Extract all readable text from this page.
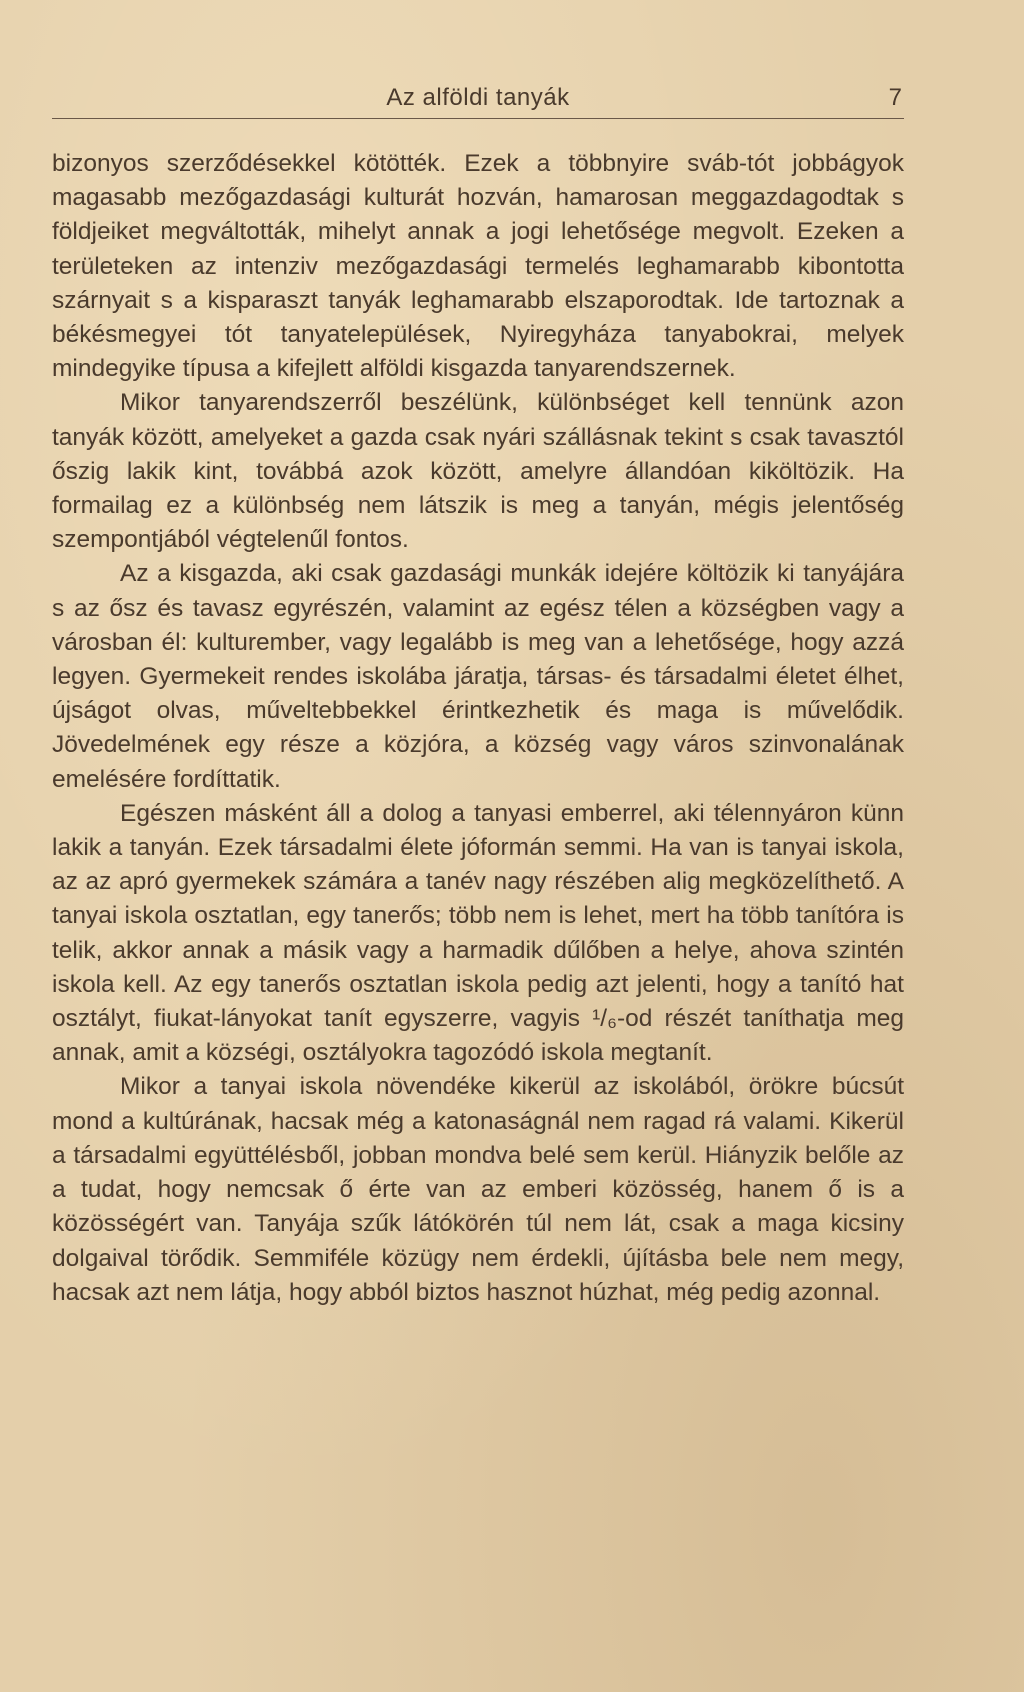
Az alföldi tanyák	7

bizonyos szerződésekkel kötötték. Ezek a többnyire sváb-tót jobbágyok magasabb mezőgazdasági kulturát hozván, hamarosan meggazdagodtak s földjeiket megváltották, mihelyt annak a jogi lehetősége megvolt. Ezeken a területeken az intenziv mezőgazdasági termelés leghamarabb kibontotta szárnyait s a kisparaszt tanyák leghamarabb elszaporodtak. Ide tartoznak a békésmegyei tót tanyatelepülések, Nyiregyháza tanyabokrai, melyek mindegyike típusa a kifejlett alföldi kisgazda tanyarendszernek.

Mikor tanyarendszerről beszélünk, különbséget kell tennünk azon tanyák között, amelyeket a gazda csak nyári szállásnak tekint s csak tavasztól őszig lakik kint, továbbá azok között, amelyre állandóan kiköltözik. Ha formailag ez a különbség nem látszik is meg a tanyán, mégis jelentőség szempontjából végtelenűl fontos.

Az a kisgazda, aki csak gazdasági munkák idejére költözik ki tanyájára s az ősz és tavasz egyrészén, valamint az egész télen a községben vagy a városban él: kulturember, vagy legalább is meg van a lehetősége, hogy azzá legyen. Gyermekeit rendes iskolába járatja, társas- és társadalmi életet élhet, újságot olvas, műveltebbekkel érintkezhetik és maga is művelődik. Jövedelmének egy része a közjóra, a község vagy város szinvonalának emelésére fordíttatik.

Egészen másként áll a dolog a tanyasi emberrel, aki télennyáron künn lakik a tanyán. Ezek társadalmi élete jóformán semmi. Ha van is tanyai iskola, az az apró gyermekek számára a tanév nagy részében alig megközelíthető. A tanyai iskola osztatlan, egy tanerős; több nem is lehet, mert ha több tanítóra is telik, akkor annak a másik vagy a harmadik dűlőben a helye, ahova szintén iskola kell. Az egy tanerős osztatlan iskola pedig azt jelenti, hogy a tanító hat osztályt, fiukat-lányokat tanít egyszerre, vagyis ¹/₆-od részét taníthatja meg annak, amit a községi, osztályokra tagozódó iskola megtanít.

Mikor a tanyai iskola növendéke kikerül az iskolából, örökre búcsút mond a kultúrának, hacsak még a katonaságnál nem ragad rá valami. Kikerül a társadalmi együttélésből, jobban mondva belé sem kerül. Hiányzik belőle az a tudat, hogy nemcsak ő érte van az emberi közösség, hanem ő is a közösségért van. Tanyája szűk látókörén túl nem lát, csak a maga kicsiny dolgaival törődik. Semmiféle közügy nem érdekli, újításba bele nem megy, hacsak azt nem látja, hogy abból biztos hasznot húzhat, még pedig azonnal.
